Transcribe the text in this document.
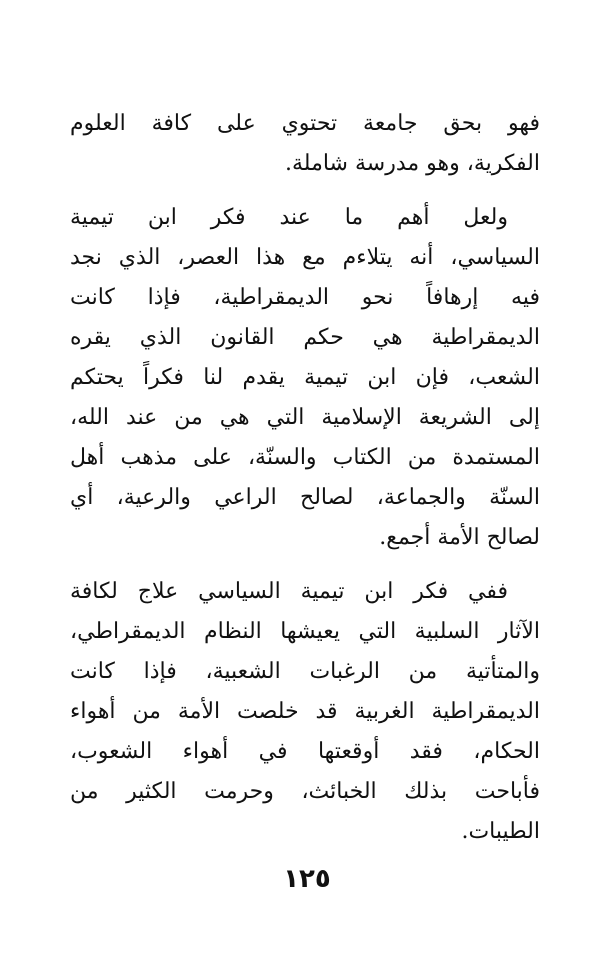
فهو بحق جامعة تحتوي على كافة العلوم
الفكرية، وهو مدرسة شاملة.
ولعل أهم ما عند فكر ابن تيمية
السياسي، أنه يتلاءم مع هذا العصر، الذي نجد
فيه إرهافاً نحو الديمقراطية، فإذا كانت
الديمقراطية هي حكم القانون الذي يقره
الشعب، فإن ابن تيمية يقدم لنا فكراً يحتكم
إلى الشريعة الإسلامية التي هي من عند الله،
المستمدة من الكتاب والسنّة، على مذهب أهل
السنّة والجماعة، لصالح الراعي والرعية، أي
لصالح الأمة أجمع.
ففي فكر ابن تيمية السياسي علاج لكافة
الآثار السلبية التي يعيشها النظام الديمقراطي،
والمتأتية من الرغبات الشعبية، فإذا كانت
الديمقراطية الغربية قد خلصت الأمة من أهواء
الحكام، فقد أوقعتها في أهواء الشعوب،
فأباحت بذلك الخبائث، وحرمت الكثير من
الطيبات.
١٢٥
